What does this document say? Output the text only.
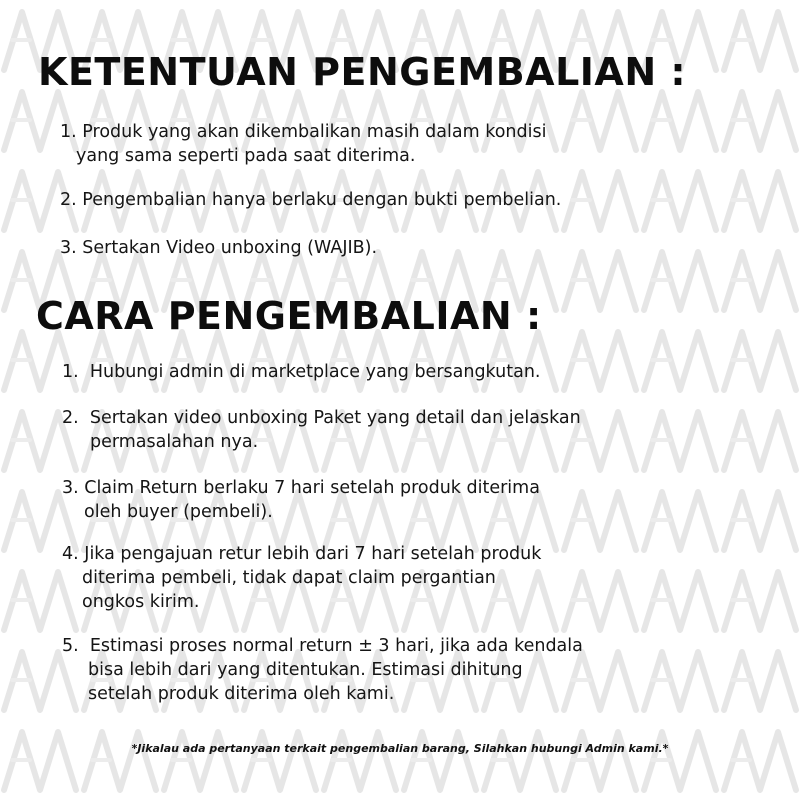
KETENTUAN PENGEMBALIAN :
1. Produk yang akan dikembalikan masih dalam kondisi
yang sama seperti pada saat diterima.
2. Pengembalian hanya berlaku dengan bukti pembelian.
3. Sertakan Video unboxing (WAJIB).
CARA PENGEMBALIAN :
1. Hubungi admin di marketplace yang bersangkutan.
2. Sertakan video unboxing Paket yang detail dan jelaskan
permasalahan nya.
3. Claim Return berlaku 7 hari setelah produk diterima
oleh buyer (pembeli).
4. Jika pengajuan retur lebih dari 7 hari setelah produk
diterima pembeli, tidak dapat claim pergantian
ongkos kirim.
5. Estimasi proses normal return ± 3 hari, jika ada kendala
bisa lebih dari yang ditentukan. Estimasi dihitung
setelah produk diterima oleh kami.
*Jikalau ada pertanyaan terkait pengembalian barang, Silahkan hubungi Admin kami.*
